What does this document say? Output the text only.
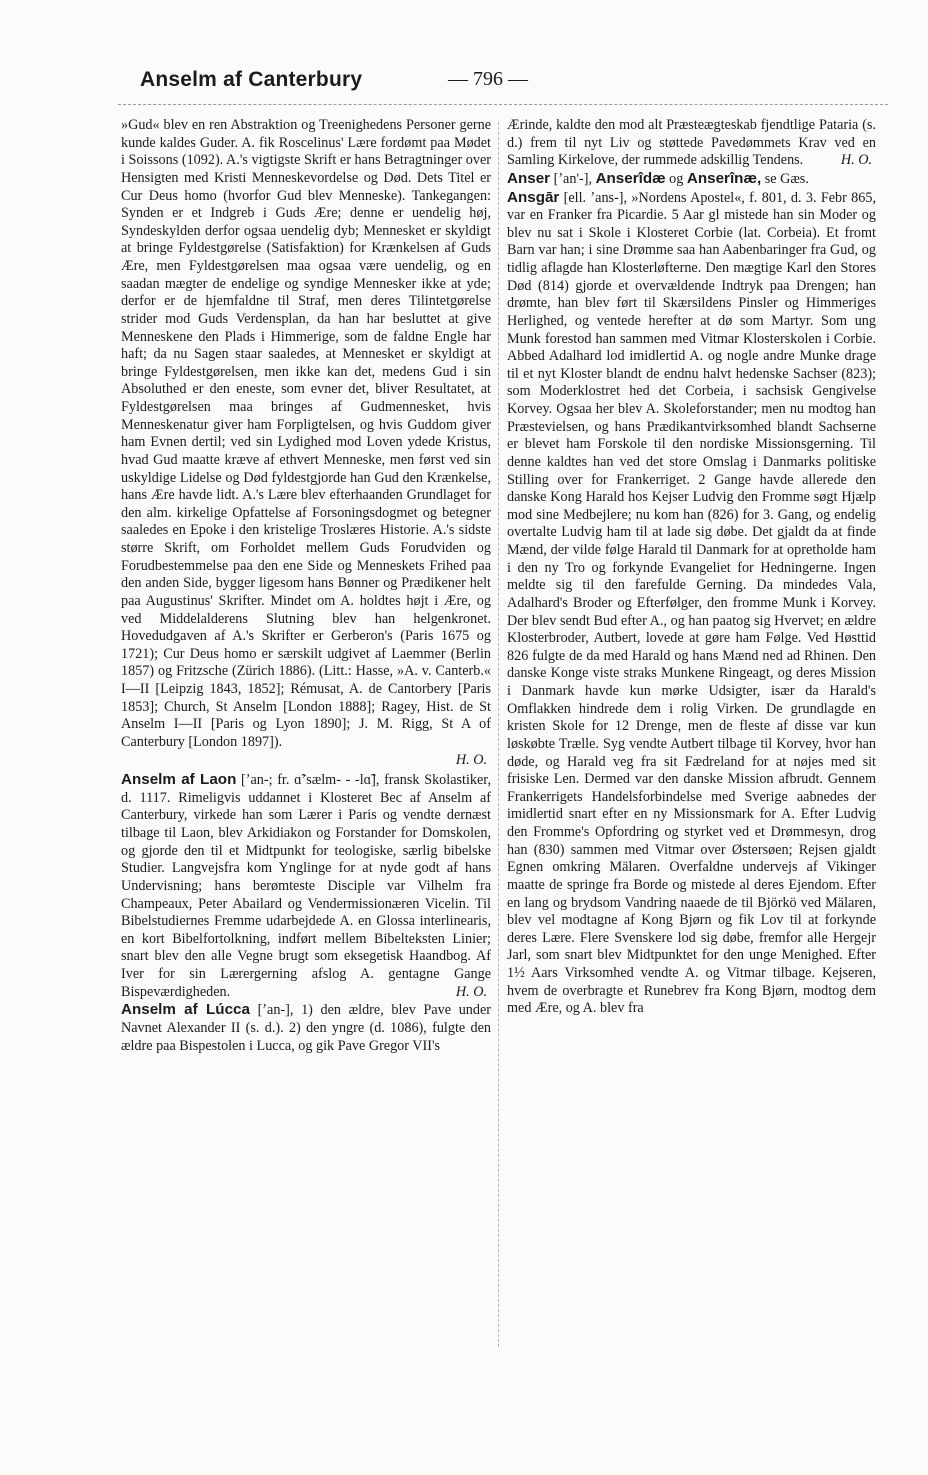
Anselm af Canterbury	— 796 —

»Gud« blev en ren Abstraktion og Treenighedens Personer gerne kunde kaldes Guder. A. fik Roscelinus' Lære fordømt paa Mødet i Soissons (1092). A.'s vigtigste Skrift er hans Betragtninger over Hensigten med Kristi Menneskevordelse og Død. Dets Titel er Cur Deus homo (hvorfor Gud blev Menneske). Tankegangen: Synden er et Indgreb i Guds Ære; denne er uendelig høj, Syndeskylden derfor ogsaa uendelig dyb; Mennesket er skyldigt at bringe Fyldestgørelse (Satisfaktion) for Krænkelsen af Guds Ære, men Fyldestgørelsen maa ogsaa være uendelig, og en saadan mægter de endelige og syndige Mennesker ikke at yde; derfor er de hjemfaldne til Straf, men deres Tilintetgørelse strider mod Guds Verdensplan, da han har besluttet at give Menneskene den Plads i Himmerige, som de faldne Engle har haft; da nu Sagen staar saaledes, at Mennesket er skyldigt at bringe Fyldestgørelsen, men ikke kan det, medens Gud i sin Absoluthed er den eneste, som evner det, bliver Resultatet, at Fyldestgørelsen maa bringes af Gudmennesket, hvis Menneskenatur giver ham Forpligtelsen, og hvis Guddom giver ham Evnen dertil; ved sin Lydighed mod Loven ydede Kristus, hvad Gud maatte kræve af ethvert Menneske, men først ved sin uskyldige Lidelse og Død fyldestgjorde han Gud den Krænkelse, hans Ære havde lidt. A.'s Lære blev efterhaanden Grundlaget for den alm. kirkelige Opfattelse af Forsoningsdogmet og betegner saaledes en Epoke i den kristelige Troslæres Historie. A.'s sidste større Skrift, om Forholdet mellem Guds Forudviden og Forudbestemmelse paa den ene Side og Menneskets Frihed paa den anden Side, bygger ligesom hans Bønner og Prædikener helt paa Augustinus' Skrifter. Mindet om A. holdtes højt i Ære, og ved Middelalderens Slutning blev han helgenkronet. Hovedudgaven af A.'s Skrifter er Gerberon's (Paris 1675 og 1721); Cur Deus homo er særskilt udgivet af Laemmer (Berlin 1857) og Fritzsche (Zürich 1886). (Litt.: Hasse, »A. v. Canterb.« I—II [Leipzig 1843, 1852]; Rémusat, A. de Cantorbery [Paris 1853]; Church, St Anselm [London 1888]; Ragey, Hist. de St Anselm I—II [Paris og Lyon 1890]; J. M. Rigg, St A of Canterbury [London 1897]).
H. O.

Anselm af Laon [ʼan-; fr. ɑ̃ʼsælm- - -lɑ̃], fransk Skolastiker, d. 1117. Rimeligvis uddannet i Klosteret Bec af Anselm af Canterbury, virkede han som Lærer i Paris og vendte dernæst tilbage til Laon, blev Arkidiakon og Forstander for Domskolen, og gjorde den til et Midtpunkt for teologiske, særlig bibelske Studier. Langvejsfra kom Ynglinge for at nyde godt af hans Undervisning; hans berømteste Disciple var Vilhelm fra Champeaux, Peter Abailard og Vendermissionæren Vicelin. Til Bibelstudiernes Fremme udarbejdede A. en Glossa interlinearis, en kort Bibelfortolkning, indført mellem Bibelteksten Linier; snart blev den alle Vegne brugt som eksegetisk Haandbog. Af Iver for sin Lærergerning afslog A. gentagne Gange Bispeværdigheden.	H. O.

Anselm af Lúcca [ʼan-], 1) den ældre, blev Pave under Navnet Alexander II (s. d.). 2) den yngre (d. 1086), fulgte den ældre paa Bispestolen i Lucca, og gik Pave Gregor VII's

Ærinde, kaldte den mod alt Præsteægteskab fjendtlige Pataria (s. d.) frem til nyt Liv og støttede Pavedømmets Krav ved en Samling Kirkelove, der rummede adskillig Tendens.	H. O.

Anser [ʼan'-], Anserîdæ og Anserînæ, se Gæs.

Ansgār [ell. ʼans-], »Nordens Apostel«, f. 801, d. 3. Febr 865, var en Franker fra Picardie. 5 Aar gl mistede han sin Moder og blev nu sat i Skole i Klosteret Corbie (lat. Corbeia). Et fromt Barn var han; i sine Drømme saa han Aabenbaringer fra Gud, og tidlig aflagde han Klosterløfterne. Den mægtige Karl den Stores Død (814) gjorde et overvældende Indtryk paa Drengen; han drømte, han blev ført til Skærsildens Pinsler og Himmeriges Herlighed, og ventede herefter at dø som Martyr. Som ung Munk forestod han sammen med Vitmar Klosterskolen i Corbie. Abbed Adalhard lod imidlertid A. og nogle andre Munke drage til et nyt Kloster blandt de endnu halvt hedenske Sachser (823); som Moderklostret hed det Corbeia, i sachsisk Gengivelse Korvey. Ogsaa her blev A. Skoleforstander; men nu modtog han Præstevielsen, og hans Prædikantvirksomhed blandt Sachserne er blevet ham Forskole til den nordiske Missionsgerning. Til denne kaldtes han ved det store Omslag i Danmarks politiske Stilling over for Frankerriget. 2 Gange havde allerede den danske Kong Harald hos Kejser Ludvig den Fromme søgt Hjælp mod sine Medbejlere; nu kom han (826) for 3. Gang, og endelig overtalte Ludvig ham til at lade sig døbe. Det gjaldt da at finde Mænd, der vilde følge Harald til Danmark for at opretholde ham i den ny Tro og forkynde Evangeliet for Hedningerne. Ingen meldte sig til den farefulde Gerning. Da mindedes Vala, Adalhard's Broder og Efterfølger, den fromme Munk i Korvey. Der blev sendt Bud efter A., og han paatog sig Hvervet; en ældre Klosterbroder, Autbert, lovede at gøre ham Følge. Ved Høsttid 826 fulgte de da med Harald og hans Mænd ned ad Rhinen. Den danske Konge viste straks Munkene Ringeagt, og deres Mission i Danmark havde kun mørke Udsigter, især da Harald's Omflakken hindrede dem i rolig Virken. De grundlagde en kristen Skole for 12 Drenge, men de fleste af disse var kun løskøbte Trælle. Syg vendte Autbert tilbage til Korvey, hvor han døde, og Harald veg fra sit Fædreland for at nøjes med sit frisiske Len. Dermed var den danske Mission afbrudt. Gennem Frankerrigets Handelsforbindelse med Sverige aabnedes der imidlertid snart efter en ny Missionsmark for A. Efter Ludvig den Fromme's Opfordring og styrket ved et Drømmesyn, drog han (830) sammen med Vitmar over Østersøen; Rejsen gjaldt Egnen omkring Mälaren. Overfaldne undervejs af Vikinger maatte de springe fra Borde og mistede al deres Ejendom. Efter en lang og brydsom Vandring naaede de til Björkö ved Mälaren, blev vel modtagne af Kong Bjørn og fik Lov til at forkynde deres Lære. Flere Svenskere lod sig døbe, fremfor alle Hergejr Jarl, som snart blev Midtpunktet for den unge Menighed. Efter 1½ Aars Virksomhed vendte A. og Vitmar tilbage. Kejseren, hvem de overbragte et Runebrev fra Kong Bjørn, modtog dem med Ære, og A. blev fra
